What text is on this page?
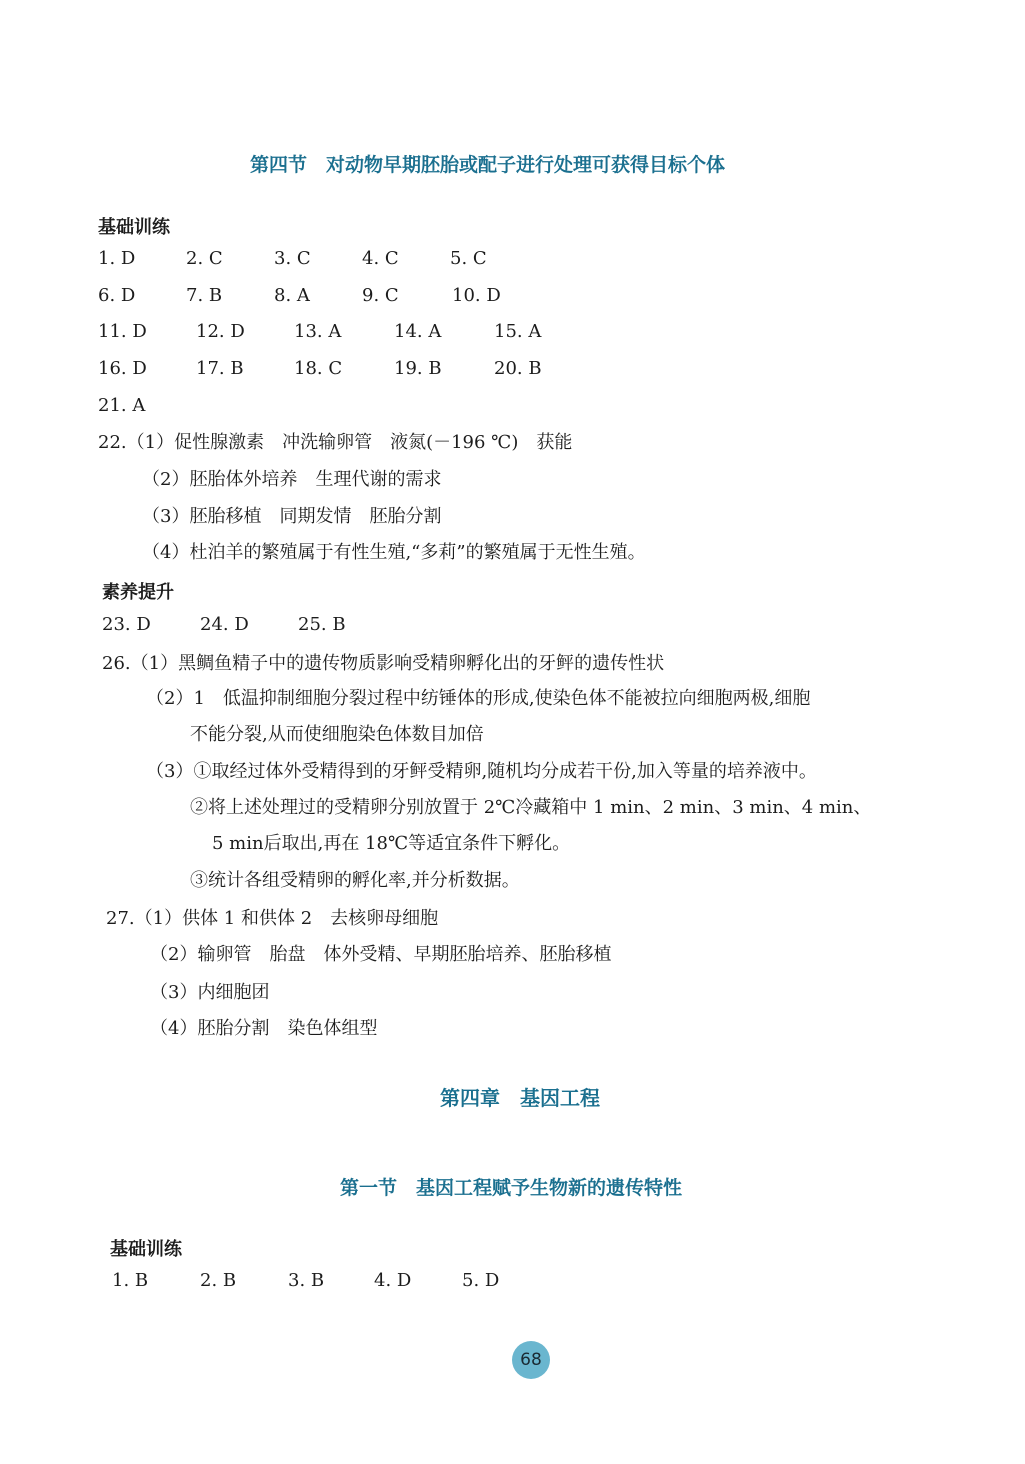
第四节　对动物早期胚胎或配子进行处理可获得目标个体
基础训练
1. D	2. C	3. C	4. C	5. C
6. D	7. B	8. A	9. C	10. D
11. D	12. D	13. A	14. A	15. A
16. D	17. B	18. C	19. B	20. B
21. A
22.（1）促性腺激素　冲洗输卵管　液氮(－196 ℃)　获能
（2）胚胎体外培养　生理代谢的需求
（3）胚胎移植　同期发情　胚胎分割
（4）杜泊羊的繁殖属于有性生殖,“多莉”的繁殖属于无性生殖。
素养提升
23. D	24. D	25. B
26.（1）黑鲷鱼精子中的遗传物质影响受精卵孵化出的牙鲆的遗传性状
（2）1　低温抑制细胞分裂过程中纺锤体的形成,使染色体不能被拉向细胞两极,细胞
不能分裂,从而使细胞染色体数目加倍
（3）①取经过体外受精得到的牙鲆受精卵,随机均分成若干份,加入等量的培养液中。
②将上述处理过的受精卵分别放置于 2℃冷藏箱中 1 min、2 min、3 min、4 min、
5 min后取出,再在 18℃等适宜条件下孵化。
③统计各组受精卵的孵化率,并分析数据。
27.（1）供体 1 和供体 2　去核卵母细胞
（2）输卵管　胎盘　体外受精、早期胚胎培养、胚胎移植
（3）内细胞团
（4）胚胎分割　染色体组型
第四章　基因工程
第一节　基因工程赋予生物新的遗传特性
基础训练
1. B	2. B	3. B	4. D	5. D
68
